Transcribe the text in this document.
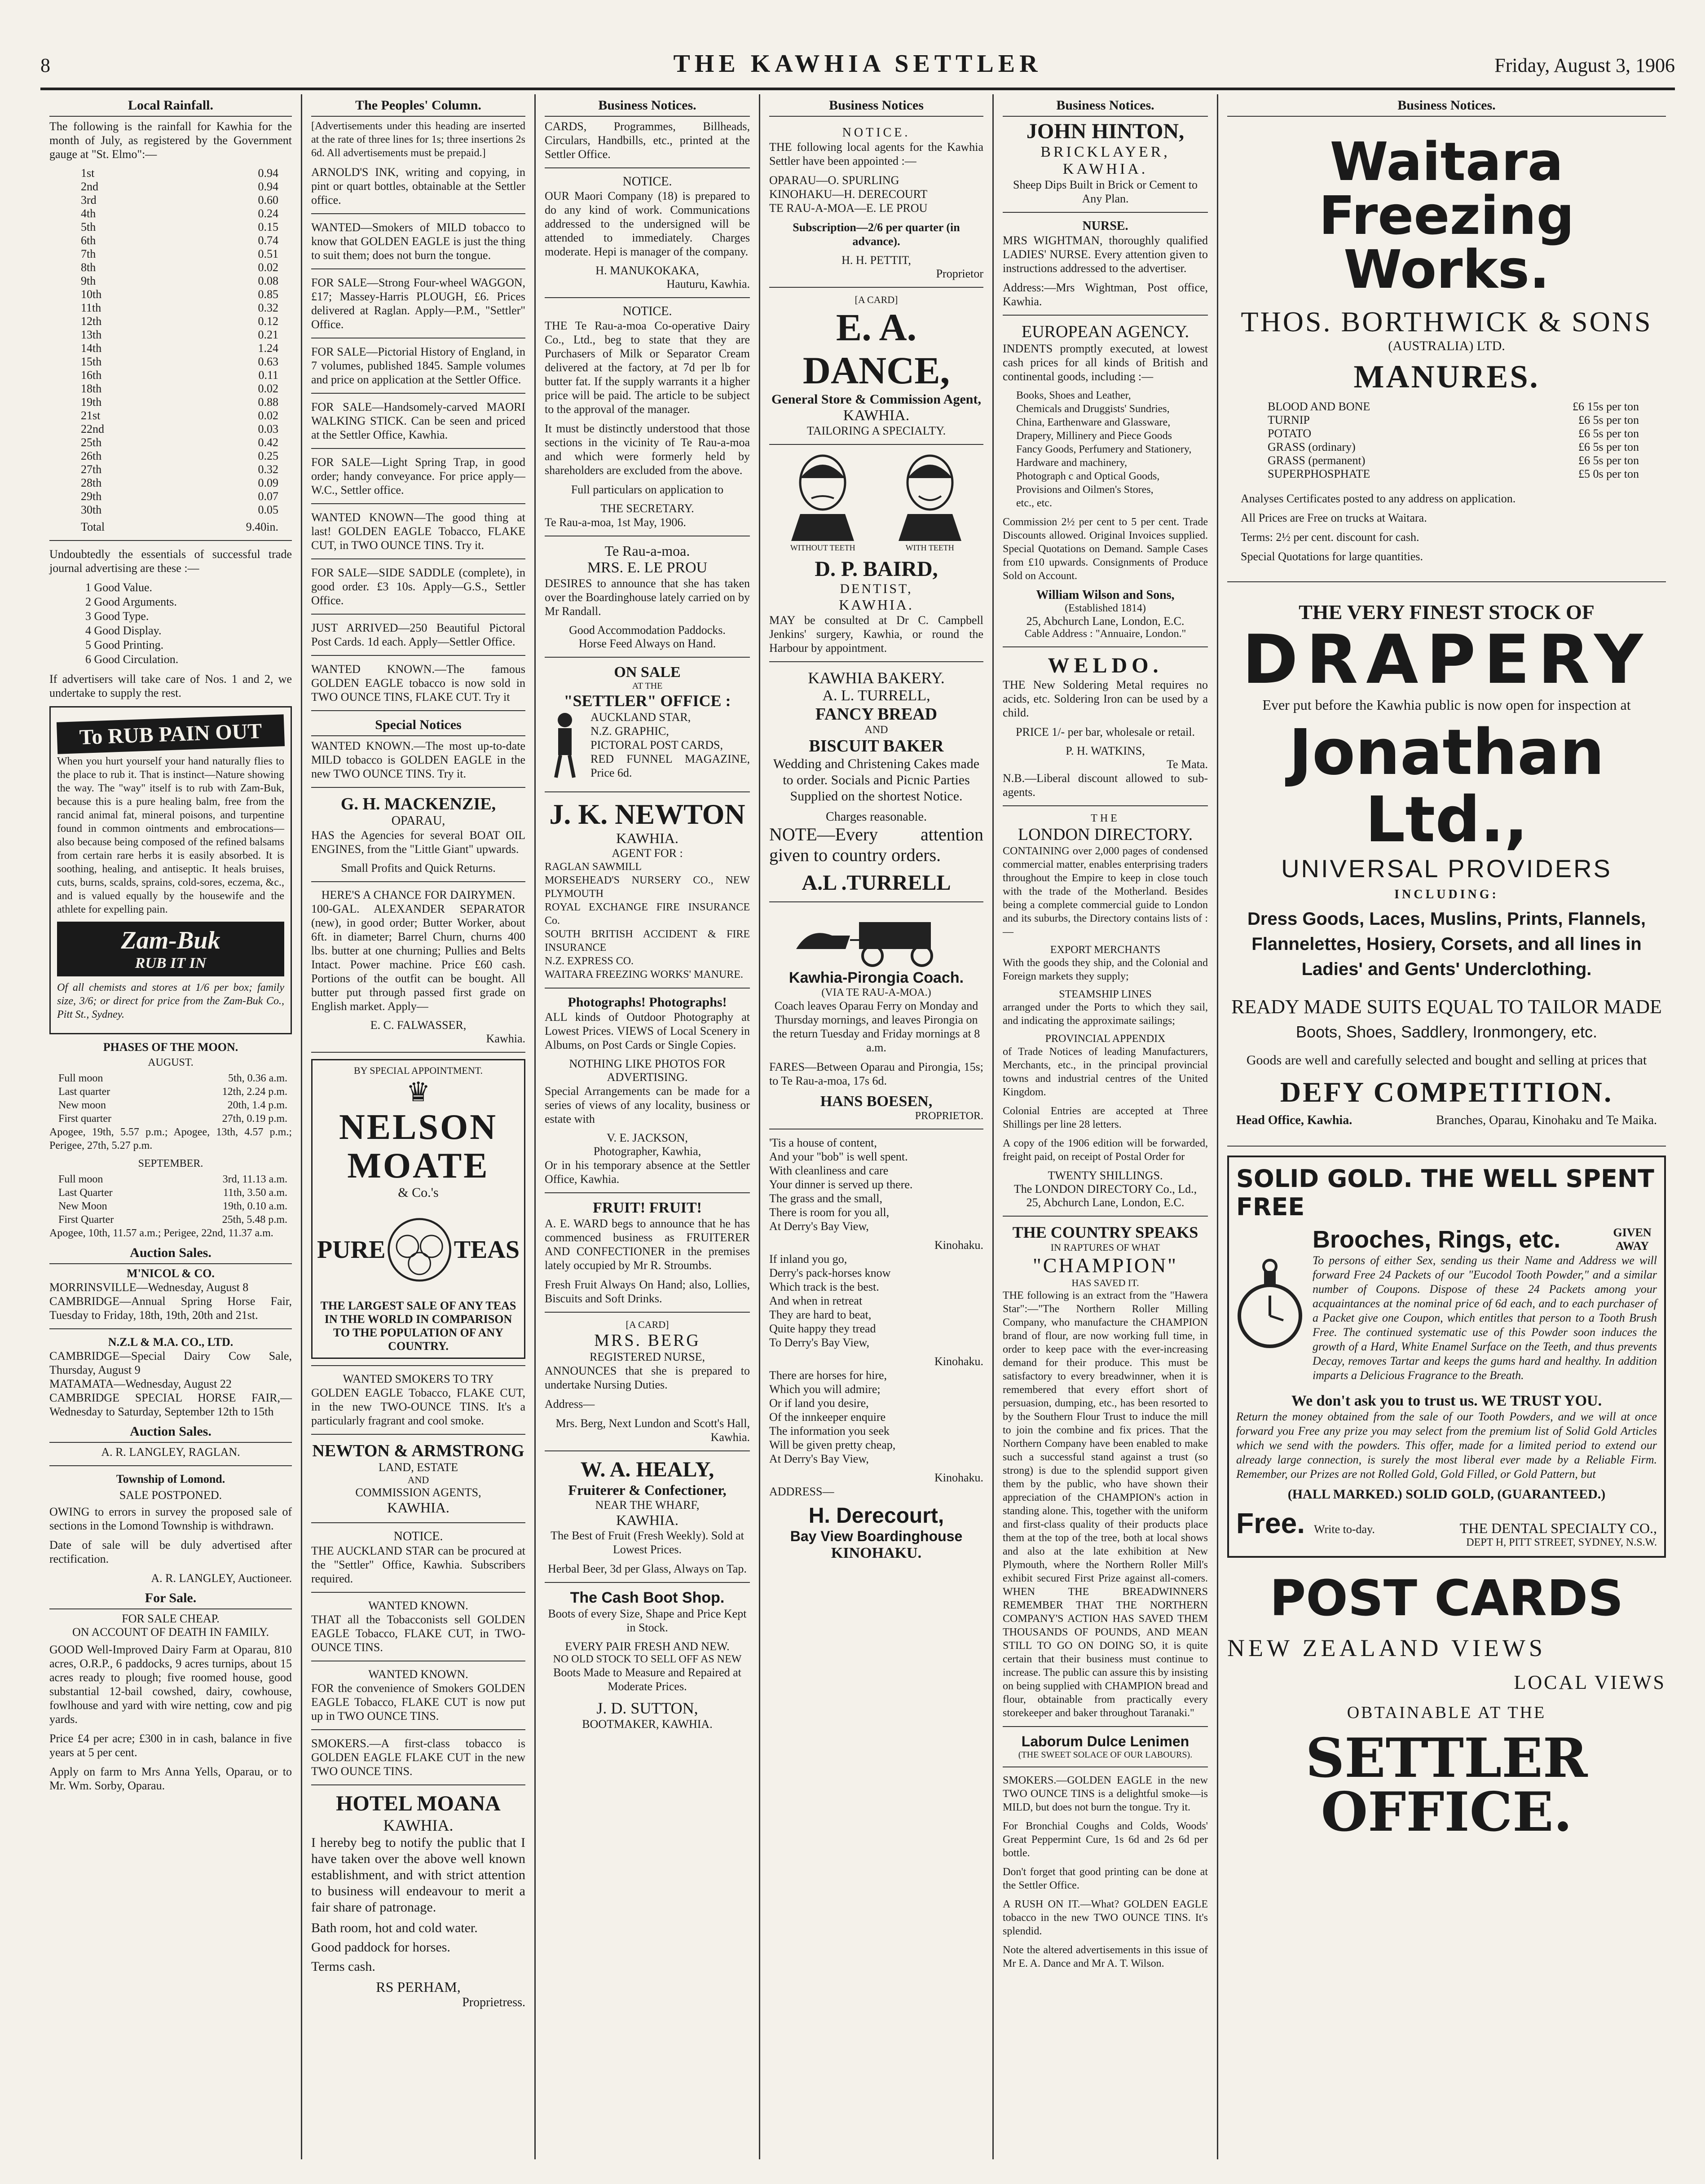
8	THE KAWHIA SETTLER	Friday, August 3, 1906
Local Rainfall.

The following is the rainfall for Kawhia for the month of July, as registered by the Government gauge at "St. Elmo":—

1st	0.94
2nd	0.94
3rd	0.60
4th	0.24
5th	0.15
6th	0.74
7th	0.51
8th	0.02
9th	0.08
10th	0.85
11th	0.32
12th	0.12
13th	0.21
14th	1.24
15th	0.63
16th	0.11
18th	0.02
19th	0.88
21st	0.02
22nd	0.03
25th	0.42
26th	0.25
27th	0.32
28th	0.09
29th	0.07
30th	0.05
Total	9.40in.

Undoubtedly the essentials of successful trade journal advertising are these :—

1 Good Value.
2 Good Arguments.
3 Good Type.
4 Good Display.
5 Good Printing.
6 Good Circulation.

If advertisers will take care of Nos. 1 and 2, we undertake to supply the rest.

To RUB PAIN OUT

When you hurt yourself your hand naturally flies to the place to rub it. That is instinct—Nature showing the way. The "way" itself is to rub with Zam-Buk, because this is a pure healing balm, free from the rancid animal fat, mineral poisons, and turpentine found in common ointments and embrocations—also because being composed of the refined balsams from certain rare herbs it is easily absorbed. It is soothing, healing, and antiseptic. It heals bruises, cuts, burns, scalds, sprains, cold-sores, eczema, &c., and is valued equally by the housewife and the athlete for expelling pain.

Zam-Buk
RUB IT IN

Of all chemists and stores at 1/6 per box; family size, 3/6; or direct for price from the Zam-Buk Co., Pitt St., Sydney.

PHASES OF THE MOON.
AUGUST.
Full moon	5th, 0.36 a.m.
Last quarter	12th, 2.24 p.m.
New moon	20th, 1.4 p.m.
First quarter	27th, 0.19 p.m.

Apogee, 19th, 5.57 p.m.; Apogee, 13th, 4.57 p.m.; Perigee, 27th, 5.27 p.m.

SEPTEMBER.
Full moon	3rd, 11.13 a.m.
Last Quarter	11th, 3.50 a.m.
New Moon	19th, 0.10 a.m.
First Quarter	25th, 5.48 p.m.

Apogee, 10th, 11.57 a.m.; Perigee, 22nd, 11.37 a.m.

Auction Sales.
M'NICOL & CO.

MORRINSVILLE—Wednesday, August 8
CAMBRIDGE—Annual Spring Horse Fair, Tuesday to Friday, 18th, 19th, 20th and 21st.

N.Z.L & M.A. CO., LTD.

CAMBRIDGE—Special Dairy Cow Sale, Thursday, August 9
MATAMATA—Wednesday, August 22
CAMBRIDGE SPECIAL HORSE FAIR,—Wednesday to Saturday, September 12th to 15th

Auction Sales.
A. R. LANGLEY, RAGLAN.
Township of Lomond.
SALE POSTPONED.

OWING to errors in survey the proposed sale of sections in the Lomond Township is withdrawn.

Date of sale will be duly advertised after rectification.

A. R. LANGLEY, Auctioneer.

For Sale.
FOR SALE CHEAP.
ON ACCOUNT OF DEATH IN FAMILY.

GOOD Well-Improved Dairy Farm at Oparau, 810 acres, O.R.P., 6 paddocks, 9 acres turnips, about 15 acres ready to plough; five roomed house, good substantial 12-bail cowshed, dairy, cowhouse, fowlhouse and yard with wire netting, cow and pig yards.

Price £4 per acre; £300 in in cash, balance in five years at 5 per cent.

Apply on farm to Mrs Anna Yells, Oparau, or to Mr. Wm. Sorby, Oparau.

The Peoples' Column.

[Advertisements under this heading are inserted at the rate of three lines for 1s; three insertions 2s 6d. All advertisements must be prepaid.]

ARNOLD'S INK, writing and copying, in pint or quart bottles, obtainable at the Settler office.

WANTED—Smokers of MILD tobacco to know that GOLDEN EAGLE is just the thing to suit them; does not burn the tongue.

FOR SALE—Strong Four-wheel WAGGON, £17; Massey-Harris PLOUGH, £6. Prices delivered at Raglan. Apply—P.M., "Settler" Office.

FOR SALE—Pictorial History of England, in 7 volumes, published 1845. Sample volumes and price on application at the Settler Office.

FOR SALE—Handsomely-carved MAORI WALKING STICK. Can be seen and priced at the Settler Office, Kawhia.

FOR SALE—Light Spring Trap, in good order; handy conveyance. For price apply—W.C., Settler office.

WANTED KNOWN—The good thing at last! GOLDEN EAGLE Tobacco, FLAKE CUT, in TWO OUNCE TINS. Try it.

FOR SALE—SIDE SADDLE (complete), in good order. £3 10s. Apply—G.S., Settler Office.

JUST ARRIVED—250 Beautiful Pictoral Post Cards. 1d each. Apply—Settler Office.

WANTED KNOWN.—The famous GOLDEN EAGLE tobacco is now sold in TWO OUNCE TINS, FLAKE CUT. Try it

Special Notices

WANTED KNOWN.—The most up-to-date MILD tobacco is GOLDEN EAGLE in the new TWO OUNCE TINS. Try it.

G. H. MACKENZIE,
OPARAU,

HAS the Agencies for several BOAT OIL ENGINES, from the "Little Giant" upwards.

Small Profits and Quick Returns.
HERE'S A CHANCE FOR DAIRYMEN.

100-GAL. ALEXANDER SEPARATOR (new), in good order; Butter Worker, about 6ft. in diameter; Barrel Churn, churns 400 lbs. butter at one churning; Pullies and Belts Intact. Power machine. Price £60 cash. Portions of the outfit can be bought. All butter put through passed first grade on English market. Apply—

E. C. FALWASSER,
Kawhia.
BY SPECIAL APPOINTMENT.
♛
NELSON MOATE
& Co.'s
PURE	TEAS
THE LARGEST SALE OF ANY TEAS IN THE WORLD IN COMPARISON TO THE POPULATION OF ANY COUNTRY.
WANTED SMOKERS TO TRY

GOLDEN EAGLE Tobacco, FLAKE CUT, in the new TWO-OUNCE TINS. It's a particularly fragrant and cool smoke.

NEWTON & ARMSTRONG
LAND, ESTATE
AND
COMMISSION AGENTS,
KAWHIA.
NOTICE.

THE AUCKLAND STAR can be procured at the "Settler" Office, Kawhia. Subscribers required.

WANTED KNOWN.

THAT all the Tobacconists sell GOLDEN EAGLE Tobacco, FLAKE CUT, in TWO-OUNCE TINS.

WANTED KNOWN.

FOR the convenience of Smokers GOLDEN EAGLE Tobacco, FLAKE CUT is now put up in TWO OUNCE TINS.

SMOKERS.—A first-class tobacco is GOLDEN EAGLE FLAKE CUT in the new TWO OUNCE TINS.

HOTEL MOANA
KAWHIA.

I hereby beg to notify the public that I have taken over the above well known establishment, and with strict attention to business will endeavour to merit a fair share of patronage.

Bath room, hot and cold water.

Good paddock for horses.

Terms cash.

RS PERHAM,
Proprietress.
Business Notices.

CARDS, Programmes, Billheads, Circulars, Handbills, etc., printed at the Settler Office.

NOTICE.

OUR Maori Company (18) is prepared to do any kind of work. Communications addressed to the undersigned will be attended to immediately. Charges moderate. Hepi is manager of the company.

H. MANUKOKAKA,
Hauturu, Kawhia.
NOTICE.

THE Te Rau-a-moa Co-operative Dairy Co., Ltd., beg to state that they are Purchasers of Milk or Separator Cream delivered at the factory, at 7d per lb for butter fat. If the supply warrants it a higher price will be paid. The article to be subject to the approval of the manager.

It must be distinctly understood that those sections in the vicinity of Te Rau-a-moa and which were formerly held by shareholders are excluded from the above.

Full particulars on application to

THE SECRETARY.

Te Rau-a-moa, 1st May, 1906.

Te Rau-a-moa.
MRS. E. LE PROU

DESIRES to announce that she has taken over the Boardinghouse lately carried on by Mr Randall.

Good Accommodation Paddocks.
Horse Feed Always on Hand.
ON SALE
AT THE
"SETTLER" OFFICE :

AUCKLAND STAR,
N.Z. GRAPHIC,
PICTORAL POST CARDS,
RED FUNNEL MAGAZINE, Price 6d.

J. K. NEWTON
KAWHIA.
AGENT FOR :

RAGLAN SAWMILL
MORSEHEAD'S NURSERY CO., NEW PLYMOUTH
ROYAL EXCHANGE FIRE INSURANCE Co.
SOUTH BRITISH ACCIDENT & FIRE INSURANCE
N.Z. EXPRESS CO.
WAITARA FREEZING WORKS' MANURE.

Photographs! Photographs!

ALL kinds of Outdoor Photography at Lowest Prices. VIEWS of Local Scenery in Albums, on Post Cards or Single Copies.

NOTHING LIKE PHOTOS FOR ADVERTISING.

Special Arrangements can be made for a series of views of any locality, business or estate with

V. E. JACKSON,
Photographer, Kawhia,

Or in his temporary absence at the Settler Office, Kawhia.

FRUIT! FRUIT!

A. E. WARD begs to announce that he has commenced business as FRUITERER AND CONFECTIONER in the premises lately occupied by Mr R. Stroumbs.

Fresh Fruit Always On Hand; also, Lollies, Biscuits and Soft Drinks.

[A CARD]
MRS. BERG
REGISTERED NURSE,

ANNOUNCES that she is prepared to undertake Nursing Duties.

Address—

Mrs. Berg, Next Lundon and Scott's Hall, Kawhia.

W. A. HEALY,
Fruiterer & Confectioner,
NEAR THE WHARF,
KAWHIA.

The Best of Fruit (Fresh Weekly). Sold at Lowest Prices.

Herbal Beer, 3d per Glass, Always on Tap.

The Cash Boot Shop.

Boots of every Size, Shape and Price Kept in Stock.

EVERY PAIR FRESH AND NEW.
NO OLD STOCK TO SELL OFF AS NEW

Boots Made to Measure and Repaired at Moderate Prices.

J. D. SUTTON,
BOOTMAKER, KAWHIA.
Business Notices
NOTICE.

THE following local agents for the Kawhia Settler have been appointed :—

OPARAU—O. SPURLING
KINOHAKU—H. DERECOURT
TE RAU-A-MOA—E. LE PROU

Subscription—2/6 per quarter (in advance).

H. H. PETTIT,
Proprietor
[A CARD]
E. A. DANCE,
General Store & Commission Agent,
KAWHIA.
TAILORING A SPECIALTY.
WITHOUT TEETH	WITH TEETH
D. P. BAIRD,
DENTIST,
KAWHIA.

MAY be consulted at Dr C. Campbell Jenkins' surgery, Kawhia, or round the Harbour by appointment.

KAWHIA BAKERY.
A. L. TURRELL,
FANCY BREAD
AND
BISCUIT BAKER

Wedding and Christening Cakes made to order. Socials and Picnic Parties Supplied on the shortest Notice.

Charges reasonable.

NOTE—Every attention given to country orders.

A.L .TURRELL
Kawhia-Pirongia Coach.
(VIA TE RAU-A-MOA.)

Coach leaves Oparau Ferry on Monday and Thursday mornings, and leaves Pirongia on the return Tuesday and Friday mornings at 8 a.m.

FARES—Between Oparau and Pirongia, 15s; to Te Rau-a-moa, 17s 6d.

HANS BOESEN,
PROPRIETOR.

'Tis a house of content,
And your "bob" is well spent.
With cleanliness and care
Your dinner is served up there.
The grass and the small,
There is room for you all,
At Derry's Bay View,

Kinohaku.

If inland you go,
Derry's pack-horses know
Which track is the best.
And when in retreat
They are hard to beat,
Quite happy they tread
To Derry's Bay View,

Kinohaku.

There are horses for hire,
Which you will admire;
Or if land you desire,
Of the innkeeper enquire
The information you seek
Will be given pretty cheap,
At Derry's Bay View,

Kinohaku.

ADDRESS—

H. Derecourt,
Bay View Boardinghouse
KINOHAKU.
Business Notices.
JOHN HINTON,
BRICKLAYER,
KAWHIA.

Sheep Dips Built in Brick or Cement to Any Plan.

NURSE.

MRS WIGHTMAN, thoroughly qualified LADIES' NURSE. Every attention given to instructions addressed to the advertiser.

Address:—Mrs Wightman, Post office, Kawhia.

EUROPEAN AGENCY.

INDENTS promptly executed, at lowest cash prices for all kinds of British and continental goods, including :—

Books, Shoes and Leather,
Chemicals and Druggists' Sundries,
China, Earthenware and Glassware,
Drapery, Millinery and Piece Goods
Fancy Goods, Perfumery and Stationery,
Hardware and machinery,
Photograph c and Optical Goods,
Provisions and Oilmen's Stores,
etc., etc.

Commission 2½ per cent to 5 per cent. Trade Discounts allowed. Original Invoices supplied. Special Quotations on Demand. Sample Cases from £10 upwards. Consignments of Produce Sold on Account.

William Wilson and Sons,
(Established 1814)
25, Abchurch Lane, London, E.C.
Cable Address : "Annuaire, London."
WELDO.

THE New Soldering Metal requires no acids, etc. Soldering Iron can be used by a child.

PRICE 1/- per bar, wholesale or retail.

P. H. WATKINS,
Te Mata.

N.B.—Liberal discount allowed to sub-agents.

THE
LONDON DIRECTORY.

CONTAINING over 2,000 pages of condensed commercial matter, enables enterprising traders throughout the Empire to keep in close touch with the trade of the Motherland. Besides being a complete commercial guide to London and its suburbs, the Directory contains lists of :—

EXPORT MERCHANTS

With the goods they ship, and the Colonial and Foreign markets they supply;

STEAMSHIP LINES

arranged under the Ports to which they sail, and indicating the approximate sailings;

PROVINCIAL APPENDIX

of Trade Notices of leading Manufacturers, Merchants, etc., in the principal provincial towns and industrial centres of the United Kingdom.

Colonial Entries are accepted at Three Shillings per line 28 letters.

A copy of the 1906 edition will be forwarded, freight paid, on receipt of Postal Order for

TWENTY SHILLINGS.
The LONDON DIRECTORY Co., Ld.,
25, Abchurch Lane, London, E.C.
THE COUNTRY SPEAKS
IN RAPTURES OF WHAT
"CHAMPION"
HAS SAVED IT.

THE following is an extract from the "Hawera Star":—"The Northern Roller Milling Company, who manufacture the CHAMPION brand of flour, are now working full time, in order to keep pace with the ever-increasing demand for their produce. This must be satisfactory to every breadwinner, when it is remembered that every effort short of persuasion, dumping, etc., has been resorted to by the Southern Flour Trust to induce the mill to join the combine and fix prices. That the Northern Company have been enabled to make such a successful stand against a trust (so strong) is due to the splendid support given them by the public, who have shown their appreciation of the CHAMPION's action in standing alone. This, together with the uniform and first-class quality of their products place them at the top of the tree, both at local shows and also at the late exhibition at New Plymouth, where the Northern Roller Mill's exhibit secured First Prize against all-comers. WHEN THE BREADWINNERS REMEMBER THAT THE NORTHERN COMPANY'S ACTION HAS SAVED THEM THOUSANDS OF POUNDS, AND MEAN STILL TO GO ON DOING SO, it is quite certain that their business must continue to increase. The public can assure this by insisting on being supplied with CHAMPION bread and flour, obtainable from practically every storekeeper and baker throughout Taranaki."

Laborum Dulce Lenimen
(THE SWEET SOLACE OF OUR LABOURS).

SMOKERS.—GOLDEN EAGLE in the new TWO OUNCE TINS is a delightful smoke—is MILD, but does not burn the tongue. Try it.

For Bronchial Coughs and Colds, Woods' Great Peppermint Cure, 1s 6d and 2s 6d per bottle.

Don't forget that good printing can be done at the Settler Office.

A RUSH ON IT.—What? GOLDEN EAGLE tobacco in the new TWO OUNCE TINS. It's splendid.

Note the altered advertisements in this issue of Mr E. A. Dance and Mr A. T. Wilson.

Business Notices.
Waitara Freezing
Works.
THOS. BORTHWICK & SONS
(AUSTRALIA) LTD.
MANURES.
BLOOD AND BONE	£6 15s per ton
TURNIP	£6 5s per ton
POTATO	£6 5s per ton
GRASS (ordinary)	£6 5s per ton
GRASS (permanent)	£6 5s per ton
SUPERPHOSPHATE	£5 0s per ton

Analyses Certificates posted to any address on application.

All Prices are Free on trucks at Waitara.

Terms: 2½ per cent. discount for cash.

Special Quotations for large quantities.

THE VERY FINEST STOCK OF
DRAPERY

Ever put before the Kawhia public is now open for inspection at

Jonathan Ltd.,
UNIVERSAL PROVIDERS
INCLUDING:

Dress Goods, Laces, Muslins, Prints, Flannels, Flannelettes, Hosiery, Corsets, and all lines in Ladies' and Gents' Underclothing.

READY MADE SUITS EQUAL TO TAILOR MADE
Boots, Shoes, Saddlery, Ironmongery, etc.

Goods are well and carefully selected and bought and selling at prices that

DEFY COMPETITION.
Head Office, Kawhia.	Branches, Oparau, Kinohaku and Te Maika.
SOLID GOLD. THE WELL SPENT FREE
Brooches, Rings, etc.	GIVEN AWAY

To persons of either Sex, sending us their Name and Address we will forward Free 24 Packets of our "Eucodol Tooth Powder," and a similar number of Coupons. Dispose of these 24 Packets among your acquaintances at the nominal price of 6d each, and to each purchaser of a Packet give one Coupon, which entitles that person to a Tooth Brush Free. The continued systematic use of this Powder soon induces the growth of a Hard, White Enamel Surface on the Teeth, and thus prevents Decay, removes Tartar and keeps the gums hard and healthy. In addition imparts a Delicious Fragrance to the Breath.

We don't ask you to trust us. WE TRUST YOU.

Return the money obtained from the sale of our Tooth Powders, and we will at once forward you Free any prize you may select from the premium list of Solid Gold Articles which we send with the powders. This offer, made for a limited period to extend our already large connection, is surely the most liberal ever made by a Reliable Firm. Remember, our Prizes are not Rolled Gold, Gold Filled, or Gold Pattern, but

(HALL MARKED.) SOLID GOLD, (GUARANTEED.)
Free. Write to-day.	THE DENTAL SPECIALTY CO.,
DEPT H, PITT STREET, SYDNEY, N.S.W.
POST CARDS
NEW ZEALAND VIEWS
LOCAL VIEWS
OBTAINABLE AT THE
SETTLER OFFICE.
